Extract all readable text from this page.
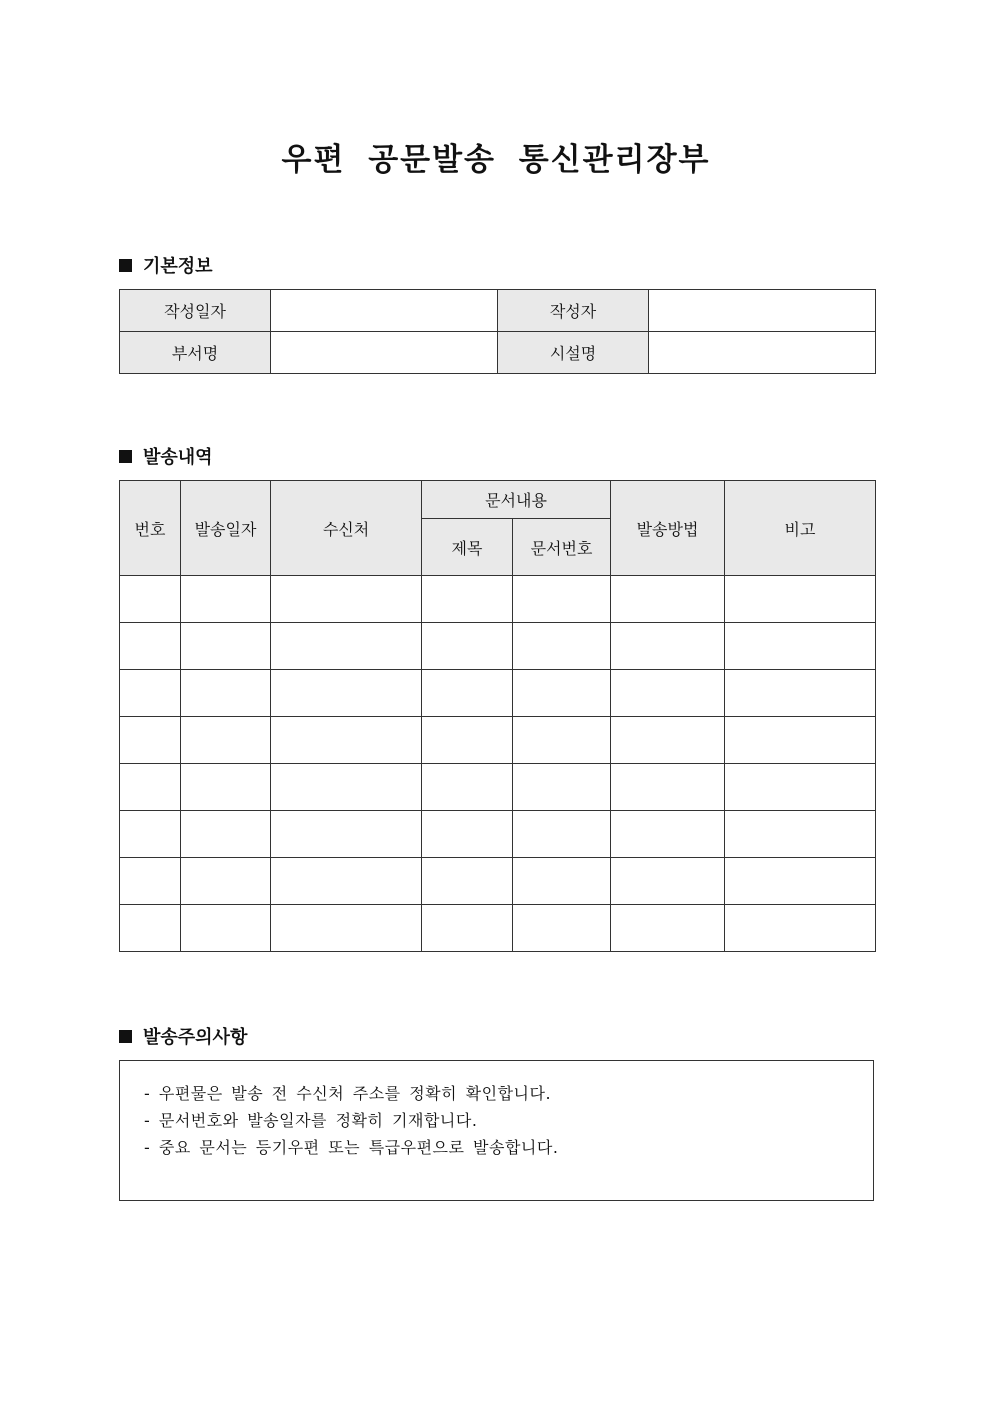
우편 공문발송 통신관리장부
기본정보
작성일자		작성자	
부서명		시설명	
발송내역
번호	발송일자	수신처	문서내용		발송방법	비고
			제목	문서번호		

발송주의사항
- 우편물은 발송 전 수신처 주소를 정확히 확인합니다.
- 문서번호와 발송일자를 정확히 기재합니다.
- 중요 문서는 등기우편 또는 특급우편으로 발송합니다.
